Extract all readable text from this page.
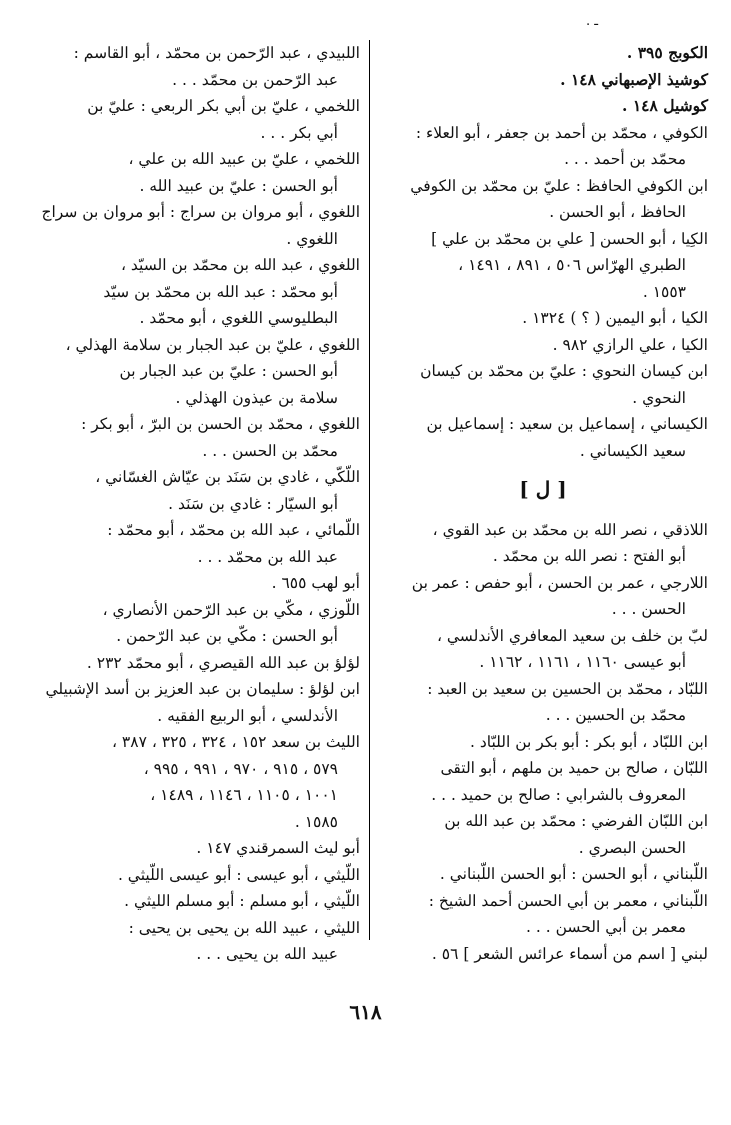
. ـ
الكوبج ٣٩٥ .
كوشيذ الإصبهاني ١٤٨ .
كوشيل ١٤٨ .
الكوفي ، محمّد بن أحمد بن جعفر ، أبو العلاء :
محمّد بن أحمد . . .
ابن الكوفي الحافظ : عليّ بن محمّد بن الكوفي
الحافظ ، أبو الحسن .
الكِيا ، أبو الحسن [ علي بن محمّد بن علي ]
الطبري الهرّاس ٥٠٦ ، ٨٩١ ، ١٤٩١ ،
١٥٥٣ .
الكيا ، أبو اليمين ( ؟ ) ١٣٢٤ .
الكيا ، علي الرازي ٩٨٢ .
ابن كيسان النحوي : عليّ بن محمّد بن كيسان
النحوي .
الكيساني ، إسماعيل بن سعيد : إسماعيل بن
سعيد الكيساني .
[ ل ]
اللاذقي ، نصر الله بن محمّد بن عبد القوي ،
أبو الفتح : نصر الله بن محمّد .
اللارجي ، عمر بن الحسن ، أبو حفص : عمر بن
الحسن . . .
لبّ بن خلف بن سعيد المعافري الأندلسي ،
أبو عيسى ١١٦٠ ، ١١٦١ ، ١١٦٢ .
اللبّاد ، محمّد بن الحسين بن سعيد بن العبد :
محمّد بن الحسين . . .
ابن اللبّاد ، أبو بكر : أبو بكر بن اللبّاد .
اللبّان ، صالح بن حميد بن ملهم ، أبو التقى
المعروف بالشرابي : صالح بن حميد . . .
ابن اللبّان الفرضي : محمّد بن عبد الله بن
الحسن البصري .
اللّبناني ، أبو الحسن : أبو الحسن اللّبناني .
اللّبناني ، معمر بن أبي الحسن أحمد الشيخ :
معمر بن أبي الحسن . . .
لبني [ اسم من أسماء عرائس الشعر ] ٥٦ .
اللبيدي ، عبد الرّحمن بن محمّد ، أبو القاسم :
عبد الرّحمن بن محمّد . . .
اللخمي ، عليّ بن أبي بكر الربعي : عليّ بن
أبي بكر . . .
اللخمي ، عليّ بن عبيد الله بن علي ،
أبو الحسن : عليّ بن عبيد الله .
اللغوي ، أبو مروان بن سراج : أبو مروان بن سراج
اللغوي .
اللغوي ، عبد الله بن محمّد بن السيّد ،
أبو محمّد : عبد الله بن محمّد بن سيّد
البطليوسي اللغوي ، أبو محمّد .
اللغوي ، عليّ بن عبد الجبار بن سلامة الهذلي ،
أبو الحسن : عليّ بن عبد الجبار بن
سلامة بن عيذون الهذلي .
اللغوي ، محمّد بن الحسن بن البرّ ، أبو بكر :
محمّد بن الحسن . . .
اللّكّي ، غادي بن سَنَد بن عيّاش الغسّاني ،
أبو السيّار : غادي بن سَنَد .
اللّمائي ، عبد الله بن محمّد ، أبو محمّد :
عبد الله بن محمّد . . .
أبو لهب ٦٥٥ .
اللّوزي ، مكّي بن عبد الرّحمن الأنصاري ،
أبو الحسن : مكّي بن عبد الرّحمن .
لؤلؤ بن عبد الله القيصري ، أبو محمّد ٢٣٢ .
ابن لؤلؤ : سليمان بن عبد العزيز بن أسد الإشبيلي
الأندلسي ، أبو الربيع الفقيه .
الليث بن سعد ١٥٢ ، ٣٢٤ ، ٣٢٥ ، ٣٨٧ ،
٥٧٩ ، ٩١٥ ، ٩٧٠ ، ٩٩١ ، ٩٩٥ ،
١٠٠١ ، ١١٠٥ ، ١١٤٦ ، ١٤٨٩ ،
١٥٨٥ .
أبو ليث السمرقندي ١٤٧ .
اللّيثي ، أبو عيسى : أبو عيسى اللّيثي .
اللّيثي ، أبو مسلم : أبو مسلم الليثي .
الليثي ، عبيد الله بن يحيى بن يحيى :
عبيد الله بن يحيى . . .
٦١٨
